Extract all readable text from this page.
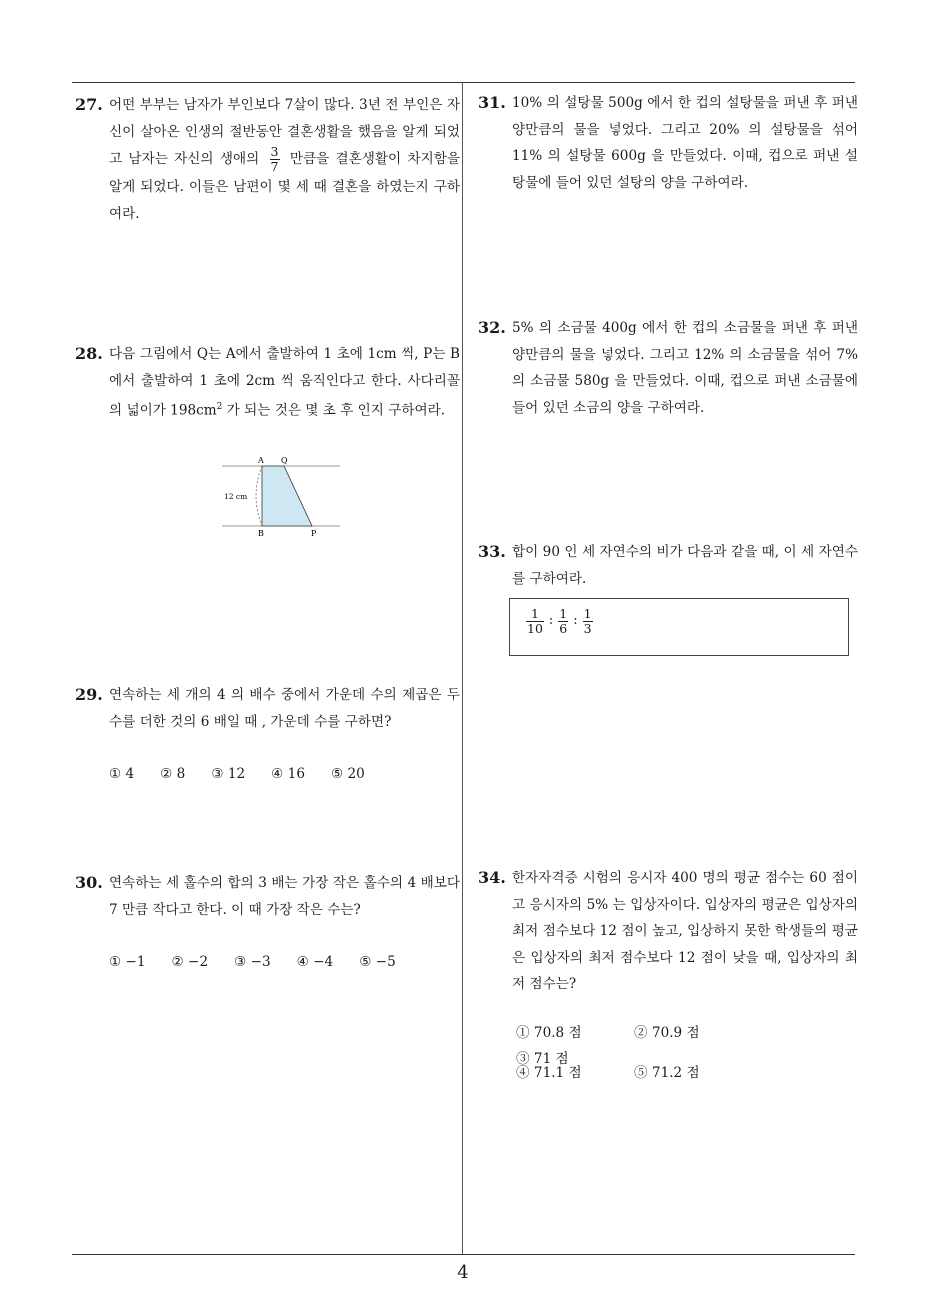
27. 어떤 부부는 남자가 부인보다 7살이 많다. 3년 전 부인은 자신이 살아온 인생의 절반동안 결혼생활을 했음을 알게 되었고 남자는 자신의 생애의 $\frac{3}{7}$ 만큼을 결혼생활이 차지함을 알게 되었다. 이들은 남편이 몇 세 때 결혼을 하였는지 구하여라.
28. 다음 그림에서 Q는 A에서 출발하여 1 초에 1cm 씩, P는 B에서 출발하여 1 초에 2cm 씩 움직인다고 한다. 사다리꼴의 넓이가 $198cm^2$ 가 되는 것은 몇 초 후 인지 구하여라.
A Q
B	P
12 cm
29. 연속하는 세 개의 4 의 배수 중에서 가운데 수의 제곱은 두 수를 더한 것의 6 배일 때 , 가운데 수를 구하면?
① 4 ② 8 ③ 12 ④ 16 ⑤ 20
30. 연속하는 세 홀수의 합의 3 배는 가장 작은 홀수의 4 배보다 7 만큼 작다고 한다. 이 때 가장 작은 수는?
① −1 ② −2 ③ −3 ④ −4 ⑤ −5
31. 10% 의 설탕물 500g 에서 한 컵의 설탕물을 퍼낸 후 퍼낸 양만큼의 물을 넣었다. 그리고 20% 의 설탕물을 섞어 11% 의 설탕물 600g 을 만들었다. 이때, 컵으로 퍼낸 설탕물에 들어 있던 설탕의 양을 구하여라.
32. 5% 의 소금물 400g 에서 한 컵의 소금물을 퍼낸 후 퍼낸 양만큼의 물을 넣었다. 그리고 12% 의 소금물을 섞어 7% 의 소금물 580g 을 만들었다. 이때, 컵으로 퍼낸 소금물에 들어 있던 소금의 양을 구하여라.
33. 합이 90 인 세 자연수의 비가 다음과 같을 때, 이 세 자연수를 구하여라.
$\frac{1}{10}$ : $\frac{1}{6}$ : $\frac{1}{3}$
34. 한자자격증 시험의 응시자 400 명의 평균 점수는 60 점이고 응시자의 5% 는 입상자이다. 입상자의 평균은 입상자의 최저 점수보다 12 점이 높고, 입상하지 못한 학생들의 평균은 입상자의 최저 점수보다 12 점이 낮을 때, 입상자의 최저 점수는?
① 70.8 점	② 70.9 점③ 71 점
④ 71.1 점	⑤ 71.2 점
4
